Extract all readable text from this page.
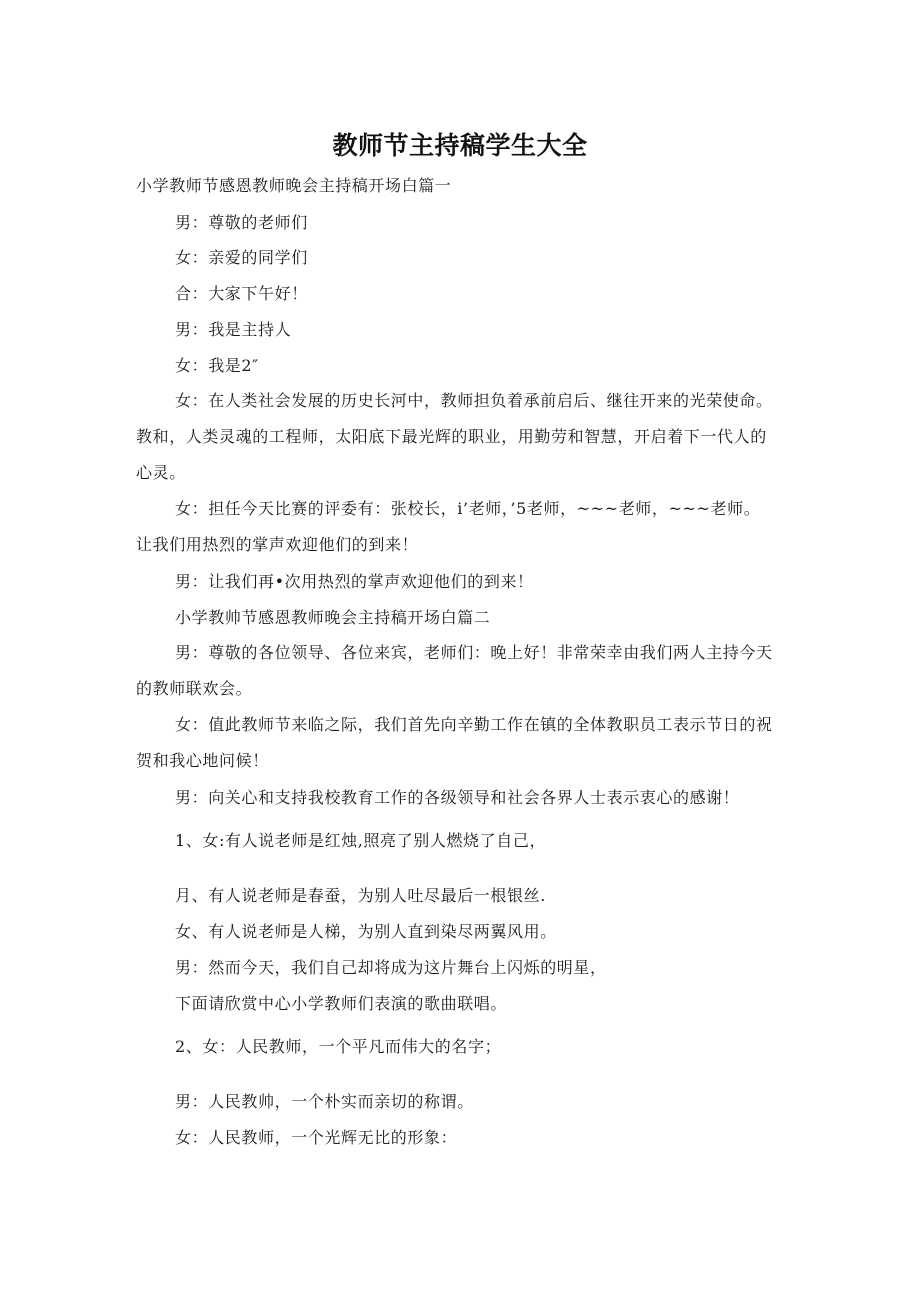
教师节主持稿学生大全
小学教师节感恩教师晚会主持稿开场白篇一
男：尊敬的老师们
女：亲爱的同学们
合：大家下午好！
男：我是主持人
女：我是2″
女：在人类社会发展的历史长河中，教师担负着承前启后、继往开来的光荣使命。教和，人类灵魂的工程师，太阳底下最光辉的职业，用勤劳和智慧，开启着下一代人的心灵。
女：担任今天比赛的评委有：张校长，i’老师，’5老师，~~~老师，~~~老师。让我们用热烈的掌声欢迎他们的到来！
男：让我们再•次用热烈的掌声欢迎他们的到来！
小学教帅节感恩教师晚会主持稿开场白篇二
男：尊敬的各位领导、各位来宾，老师们：晚上好！非常荣幸由我们两人主持今天的教师联欢会。
女：值此教师节来临之际，我们首先向辛勤工作在镇的全体教职员工表示节日的祝贺和我心地问候！
男：向关心和支持我校教育工作的各级领导和社会各界人士表示衷心的感谢！
1、女:有人说老师是红烛,照亮了别人燃烧了自己，
月、有人说老师是春蚕，为别人吐尽最后一根银丝.
女、有人说老师是人梯，为别人直到染尽两翼风用。
男：然而今天，我们自己却将成为这片舞台上闪烁的明星，
下面请欣赏中心小学教师们表演的歌曲联唱。
2、女：人民教师，一个平凡而伟大的名字；
男：人民教帅，一个朴实而亲切的称谓。
女：人民教师，一个光辉无比的形象：
